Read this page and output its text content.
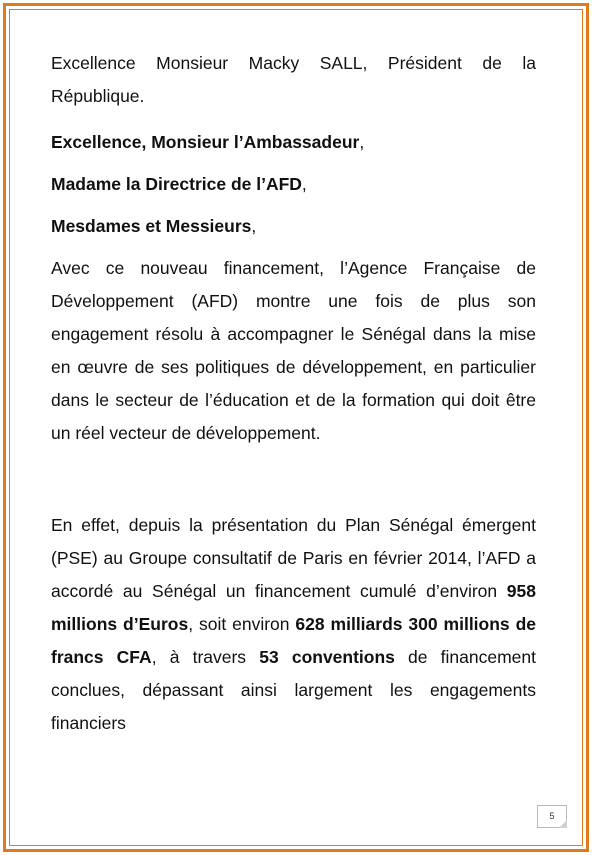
Excellence Monsieur Macky SALL, Président de la République.

Excellence, Monsieur l’Ambassadeur,

Madame la Directrice de l’AFD,

Mesdames et Messieurs,

Avec ce nouveau financement, l’Agence Française de Développement (AFD) montre une fois de plus son engagement résolu à accompagner le Sénégal dans la mise en œuvre de ses politiques de développement, en particulier dans le secteur de l’éducation et de la formation qui doit être un réel vecteur de développement.

En effet, depuis la présentation du Plan Sénégal émergent (PSE) au Groupe consultatif de Paris en février 2014, l’AFD a accordé au Sénégal un financement cumulé d’environ 958 millions d’Euros, soit environ 628 milliards 300 millions de francs CFA, à travers 53 conventions de financement conclues, dépassant ainsi largement les engagements financiers

5
